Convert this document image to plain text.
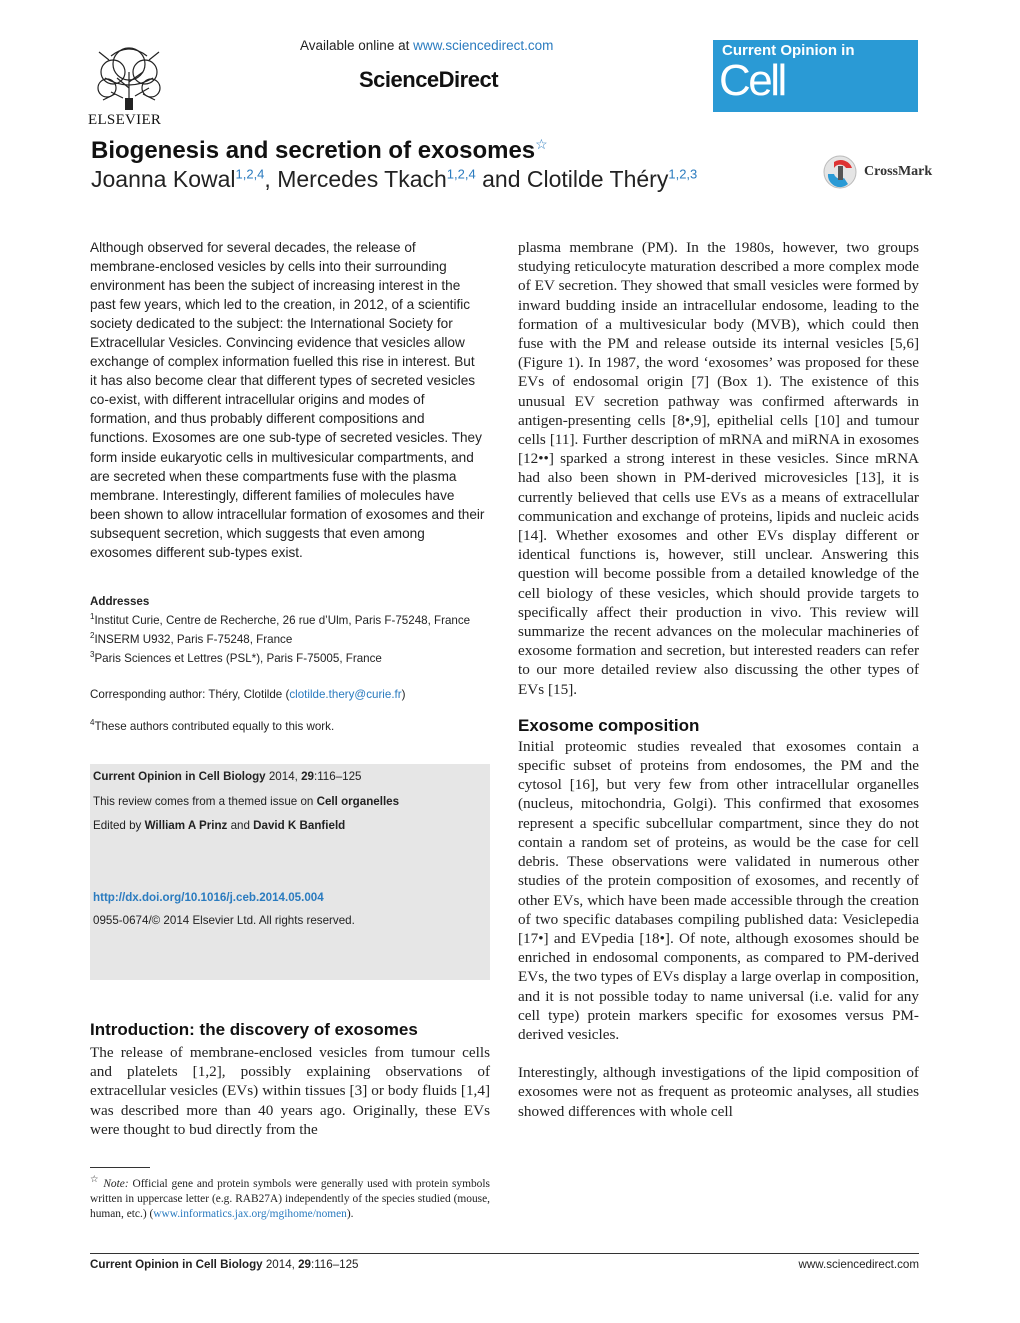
ELSEVIER
Available online at www.sciencedirect.com
ScienceDirect
Current Opinion in
Cell Biology
Biogenesis and secretion of exosomes☆
Joanna Kowal$^{1,2,4}$, Mercedes Tkach$^{1,2,4}$ and Clotilde Théry$^{1,2,3}$	CrossMark
Although observed for several decades, the release of membrane-enclosed vesicles by cells into their surrounding environment has been the subject of increasing interest in the past few years, which led to the creation, in 2012, of a scientific society dedicated to the subject: the International Society for Extracellular Vesicles. Convincing evidence that vesicles allow exchange of complex information fuelled this rise in interest. But it has also become clear that different types of secreted vesicles co-exist, with different intracellular origins and modes of formation, and thus probably different compositions and functions. Exosomes are one sub-type of secreted vesicles. They form inside eukaryotic cells in multivesicular compartments, and are secreted when these compartments fuse with the plasma membrane. Interestingly, different families of molecules have been shown to allow intracellular formation of exosomes and their subsequent secretion, which suggests that even among exosomes different sub-types exist.
Addresses
$^1$Institut Curie, Centre de Recherche, 26 rue d’Ulm, Paris F-75248, France
$^2$INSERM U932, Paris F-75248, France
$^3$Paris Sciences et Lettres (PSL*), Paris F-75005, France
Corresponding author: Théry, Clotilde (clotilde.thery@curie.fr)
$^4$These authors contributed equally to this work.
Current Opinion in Cell Biology 2014, 29:116–125
This review comes from a themed issue on Cell organelles
Edited by William A Prinz and David K Banfield
http://dx.doi.org/10.1016/j.ceb.2014.05.004
0955-0674/© 2014 Elsevier Ltd. All rights reserved.
Introduction: the discovery of exosomes
The release of membrane-enclosed vesicles from tumour cells and platelets [1,2], possibly explaining observations of extracellular vesicles (EVs) within tissues [3] or body fluids [1,4] was described more than 40 years ago. Originally, these EVs were thought to bud directly from the

plasma membrane (PM). In the 1980s, however, two groups studying reticulocyte maturation described a more complex mode of EV secretion. They showed that small vesicles were formed by inward budding inside an intracellular endosome, leading to the formation of a multivesicular body (MVB), which could then fuse with the PM and release outside its internal vesicles [5,6] (Figure 1). In 1987, the word ‘exosomes’ was proposed for these EVs of endosomal origin [7] (Box 1). The existence of this unusual EV secretion pathway was confirmed afterwards in antigen-presenting cells [8•,9], epithelial cells [10] and tumour cells [11]. Further description of mRNA and miRNA in exosomes [12••] sparked a strong interest in these vesicles. Since mRNA had also been shown in PM-derived microvesicles [13], it is currently believed that cells use EVs as a means of extracellular communication and exchange of proteins, lipids and nucleic acids [14]. Whether exosomes and other EVs display different or identical functions is, however, still unclear. Answering this question will become possible from a detailed knowledge of the cell biology of these vesicles, which should provide targets to specifically affect their production in vivo. This review will summarize the recent advances on the molecular machineries of exosome formation and secretion, but interested readers can refer to our more detailed review also discussing the other types of EVs [15].

Exosome composition

Initial proteomic studies revealed that exosomes contain a specific subset of proteins from endosomes, the PM and the cytosol [16], but very few from other intracellular organelles (nucleus, mitochondria, Golgi). This confirmed that exosomes represent a specific subcellular compartment, since they do not contain a random set of proteins, as would be the case for cell debris. These observations were validated in numerous other studies of the protein composition of exosomes, and recently of other EVs, which have been made accessible through the creation of two specific databases compiling published data: Vesiclepedia [17•] and EVpedia [18•]. Of note, although exosomes should be enriched in endosomal components, as compared to PM-derived EVs, the two types of EVs display a large overlap in composition, and it is not possible today to name universal (i.e. valid for any cell type) protein markers specific for exosomes versus PM-derived vesicles.

Interestingly, although investigations of the lipid composition of exosomes were not as frequent as proteomic analyses, all studies showed differences with whole cell

☆ Note: Official gene and protein symbols were generally used with protein symbols written in uppercase letter (e.g. RAB27A) independently of the species studied (mouse, human, etc.) (www.informatics.jax.org/mgihome/nomen).
Current Opinion in Cell Biology 2014, 29:116–125	www.sciencedirect.com
